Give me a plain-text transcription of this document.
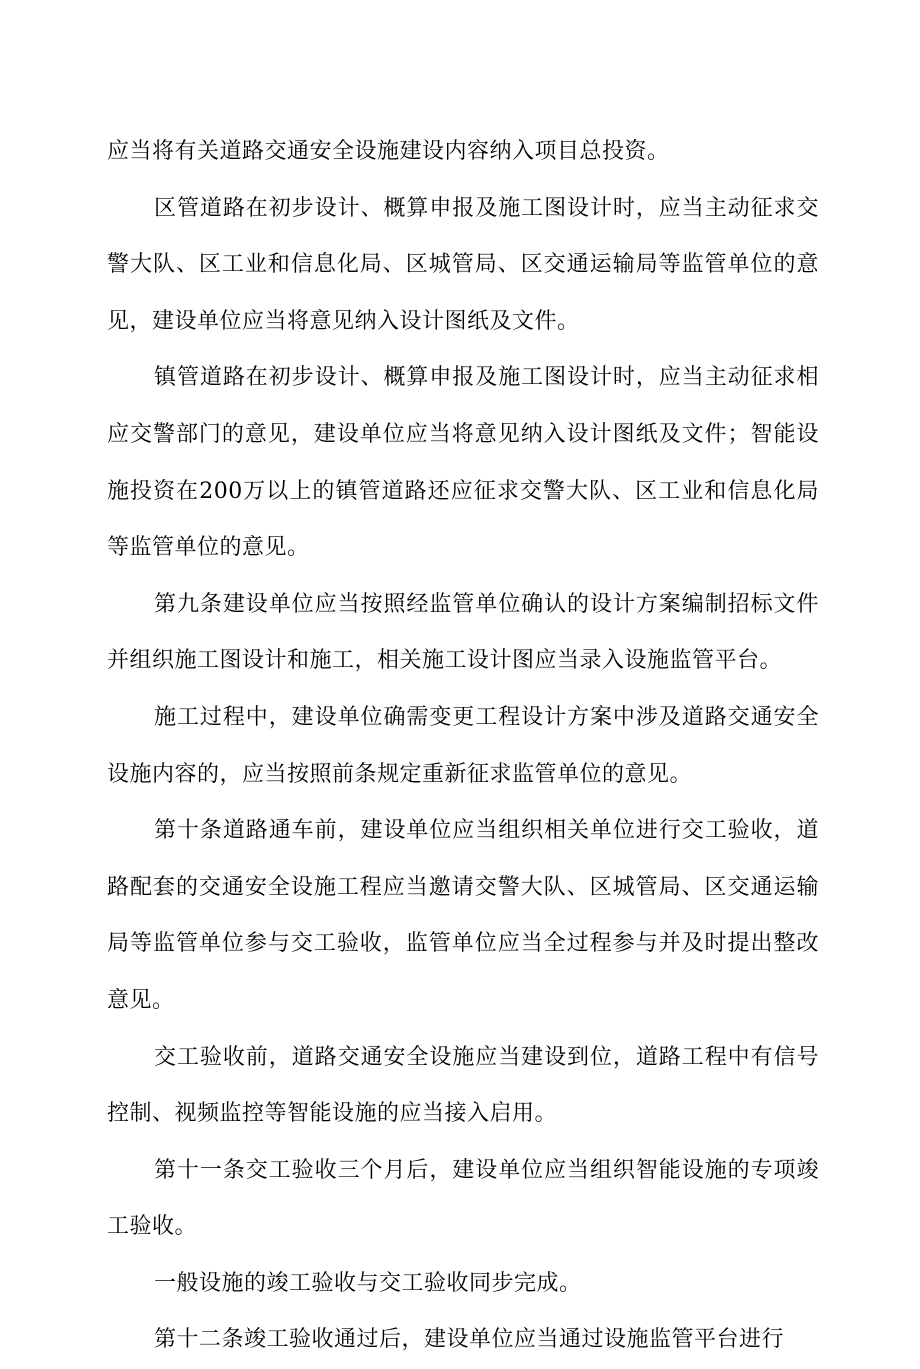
应当将有关道路交通安全设施建设内容纳入项目总投资。

区管道路在初步设计、概算申报及施工图设计时，应当主动征求交警大队、区工业和信息化局、区城管局、区交通运输局等监管单位的意见，建设单位应当将意见纳入设计图纸及文件。

镇管道路在初步设计、概算申报及施工图设计时，应当主动征求相应交警部门的意见，建设单位应当将意见纳入设计图纸及文件；智能设施投资在200万以上的镇管道路还应征求交警大队、区工业和信息化局等监管单位的意见。

第九条建设单位应当按照经监管单位确认的设计方案编制招标文件并组织施工图设计和施工，相关施工设计图应当录入设施监管平台。

施工过程中，建设单位确需变更工程设计方案中涉及道路交通安全设施内容的，应当按照前条规定重新征求监管单位的意见。

第十条道路通车前，建设单位应当组织相关单位进行交工验收，道路配套的交通安全设施工程应当邀请交警大队、区城管局、区交通运输局等监管单位参与交工验收，监管单位应当全过程参与并及时提出整改意见。

交工验收前，道路交通安全设施应当建设到位，道路工程中有信号控制、视频监控等智能设施的应当接入启用。

第十一条交工验收三个月后，建设单位应当组织智能设施的专项竣工验收。

一般设施的竣工验收与交工验收同步完成。

第十二条竣工验收通过后，建设单位应当通过设施监管平台进行
